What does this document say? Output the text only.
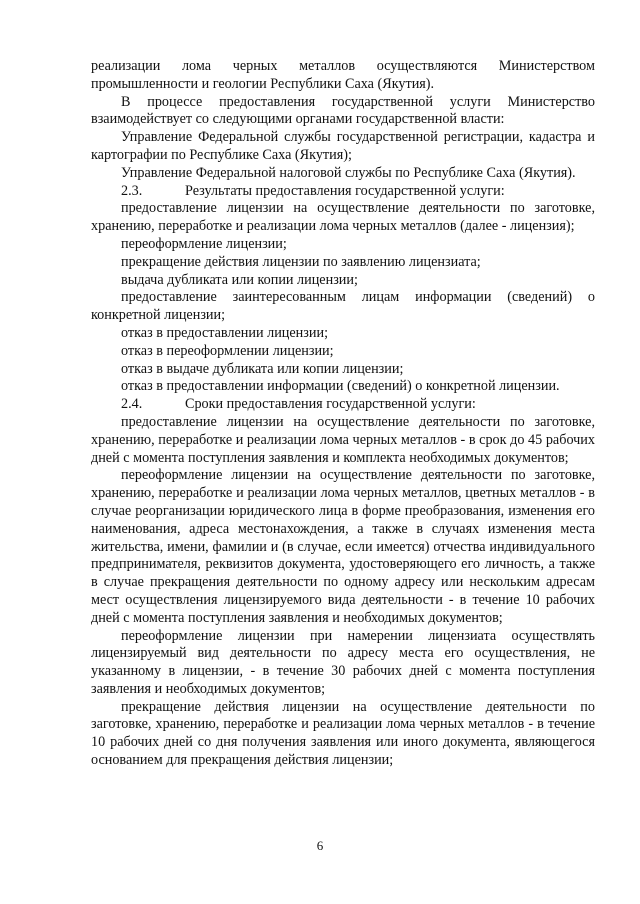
реализации лома черных металлов осуществляются Министерством промышленности и геологии Республики Саха (Якутия).

В процессе предоставления государственной услуги Министерство взаимодействует со следующими органами государственной власти:

Управление Федеральной службы государственной регистрации, кадастра и картографии по Республике Саха (Якутия);

Управление Федеральной налоговой службы по Республике Саха (Якутия).

2.3.	Результаты предоставления государственной услуги:

предоставление лицензии на осуществление деятельности по заготовке, хранению, переработке и реализации лома черных металлов (далее - лицензия);

переоформление лицензии;

прекращение действия лицензии по заявлению лицензиата;

выдача дубликата или копии лицензии;

предоставление заинтересованным лицам информации (сведений) о конкретной лицензии;

отказ в предоставлении лицензии;

отказ в переоформлении лицензии;

отказ в выдаче дубликата или копии лицензии;

отказ в предоставлении информации (сведений) о конкретной лицензии.

2.4.	Сроки предоставления государственной услуги:

предоставление лицензии на осуществление деятельности по заготовке, хранению, переработке и реализации лома черных металлов - в срок до 45 рабочих дней с момента поступления заявления и комплекта необходимых документов;

переоформление лицензии на осуществление деятельности по заготовке, хранению, переработке и реализации лома черных металлов, цветных металлов - в случае реорганизации юридического лица в форме преобразования, изменения его наименования, адреса местонахождения, а также в случаях изменения места жительства, имени, фамилии и (в случае, если имеется) отчества индивидуального предпринимателя, реквизитов документа, удостоверяющего его личность, а также в случае прекращения деятельности по одному адресу или нескольким адресам мест осуществления лицензируемого вида деятельности - в течение 10 рабочих дней с момента поступления заявления и необходимых документов;

переоформление лицензии при намерении лицензиата осуществлять лицензируемый вид деятельности по адресу места его осуществления, не указанному в лицензии, - в течение 30 рабочих дней с момента поступления заявления и необходимых документов;

прекращение действия лицензии на осуществление деятельности по заготовке, хранению, переработке и реализации лома черных металлов - в течение 10 рабочих дней со дня получения заявления или иного документа, являющегося основанием для прекращения действия лицензии;

6
